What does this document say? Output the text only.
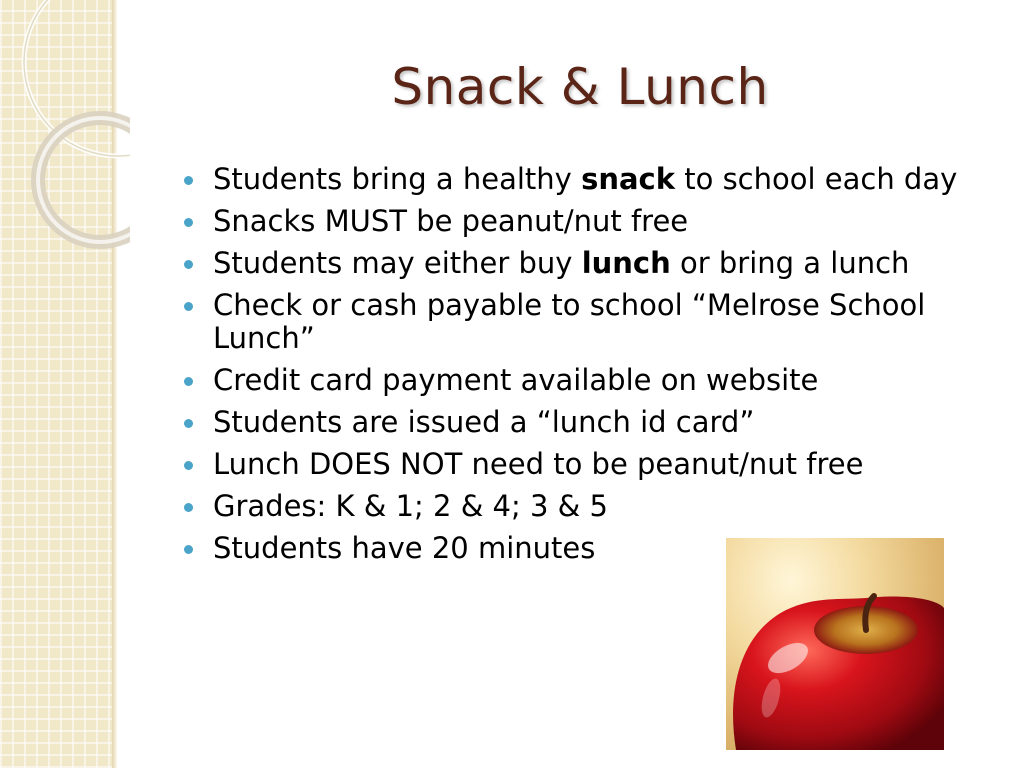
Snack & Lunch
Students bring a healthy snack to school each day
Snacks MUST be peanut/nut free
Students may either buy lunch or bring a lunch
Check or cash payable to school “Melrose School Lunch”
Credit card payment available on website
Students are issued a “lunch id card”
Lunch DOES NOT need to be peanut/nut free
Grades: K & 1; 2 & 4; 3 & 5
Students have 20 minutes
